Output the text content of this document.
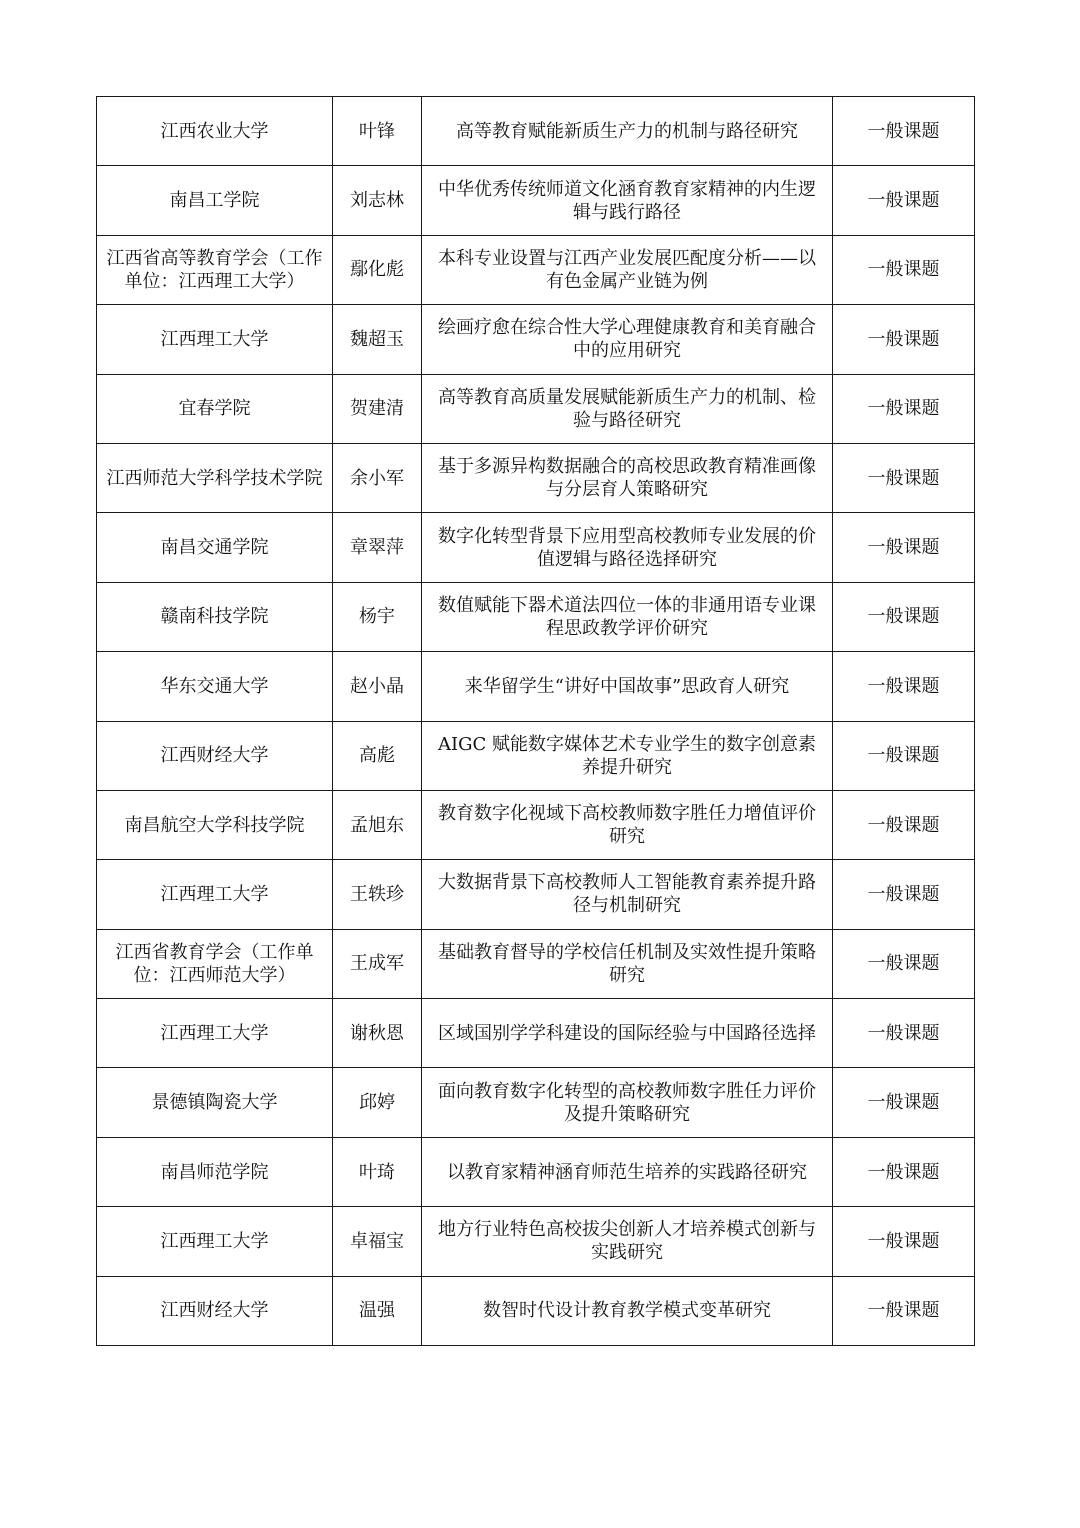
江西农业大学	叶锋	高等教育赋能新质生产力的机制与路径研究	一般课题
南昌工学院	刘志林	中华优秀传统师道文化涵育教育家精神的内生逻辑与践行路径	一般课题
江西省高等教育学会（工作单位：江西理工大学）	鄢化彪	本科专业设置与江西产业发展匹配度分析——以有色金属产业链为例	一般课题
江西理工大学	魏超玉	绘画疗愈在综合性大学心理健康教育和美育融合中的应用研究	一般课题
宜春学院	贺建清	高等教育高质量发展赋能新质生产力的机制、检验与路径研究	一般课题
江西师范大学科学技术学院	余小军	基于多源异构数据融合的高校思政教育精准画像与分层育人策略研究	一般课题
南昌交通学院	章翠萍	数字化转型背景下应用型高校教师专业发展的价值逻辑与路径选择研究	一般课题
赣南科技学院	杨宇	数值赋能下器术道法四位一体的非通用语专业课程思政教学评价研究	一般课题
华东交通大学	赵小晶	来华留学生“讲好中国故事”思政育人研究	一般课题
江西财经大学	高彪	AIGC 赋能数字媒体艺术专业学生的数字创意素养提升研究	一般课题
南昌航空大学科技学院	孟旭东	教育数字化视域下高校教师数字胜任力增值评价研究	一般课题
江西理工大学	王轶珍	大数据背景下高校教师人工智能教育素养提升路径与机制研究	一般课题
江西省教育学会（工作单位：江西师范大学）	王成军	基础教育督导的学校信任机制及实效性提升策略研究	一般课题
江西理工大学	谢秋恩	区域国别学学科建设的国际经验与中国路径选择	一般课题
景德镇陶瓷大学	邱婷	面向教育数字化转型的高校教师数字胜任力评价及提升策略研究	一般课题
南昌师范学院	叶琦	以教育家精神涵育师范生培养的实践路径研究	一般课题
江西理工大学	卓福宝	地方行业特色高校拔尖创新人才培养模式创新与实践研究	一般课题
江西财经大学	温强	数智时代设计教育教学模式变革研究	一般课题
